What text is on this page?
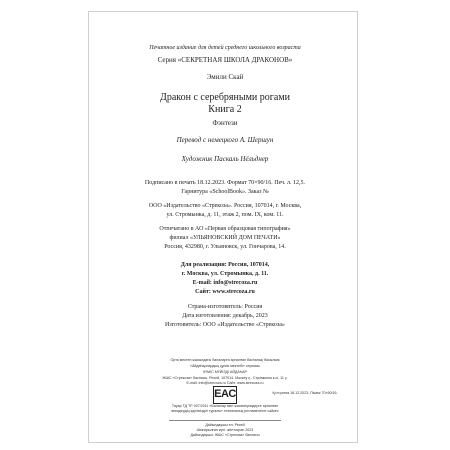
Печатное издание для детей среднего школьного возраста
Серия «СЕКРЕТНАЯ ШКОЛА ДРАКОНОВ»
Эмили Скай
Дракон с серебряными рогами
Книга 2
Фэнтези
Перевод с немецкого А. Шершун
Художник Паскаль Нёльднер
Подписано в печать 18.12.2023. Формат 70×90/16. Печ. л. 12,5.
Гарнитура «SchoolBook». Заказ №
ООО «Издательство «Стрекоза». Россия, 107014, г. Москва,
ул. Стромынка, д. 11, этаж 2, пом. IX, ком. 11.
Отпечатано в АО «Первая образцовая типография»
филиал «УЛЬЯНОВСКИЙ ДОМ ПЕЧАТИ»
Россия, 432980, г. Ульяновск, ул. Гончарова, 14.
Для реализации: Россия, 107014,
г. Москва, ул. Стромынка, д. 11.
E-mail: info@strecoza.ru
Сайт: www.strecoza.ru
Страна-изготовитель: Россия
Дата изготовления: декабрь, 2023
Изготовитель: ООО «Издательство «Стрекоза»
EAC
Орта мектеп жасындағы балаларға арналған баспалық басылым
«Айдаһарлардың құпия мектебі» сериясы
КҮМІС МҮЙІЗДІ АЙДАҺАР
ЖШС «Стрекоза» баспасы. Ресей, 107014, Мәскеу қ., Стромынка к-сі, 11 ү.
E-mail: info@strecoza.ru Сайт: www.strecoza.ru
Қол қоюға 18.12.2023. Пішімі 70×90/16.
Тауар ТД ТР 007/2011 «Балалар мен жасөспірімдерге арналған
өнімдердің қауіпсіздігі туралы» техникалық регламентіне сәйкес
Дайындаушы ел: Ресей
Шығарылған күні: желтоқсан 2023
Дайындаушы: ЖШС «Стрекоза» баспасы
